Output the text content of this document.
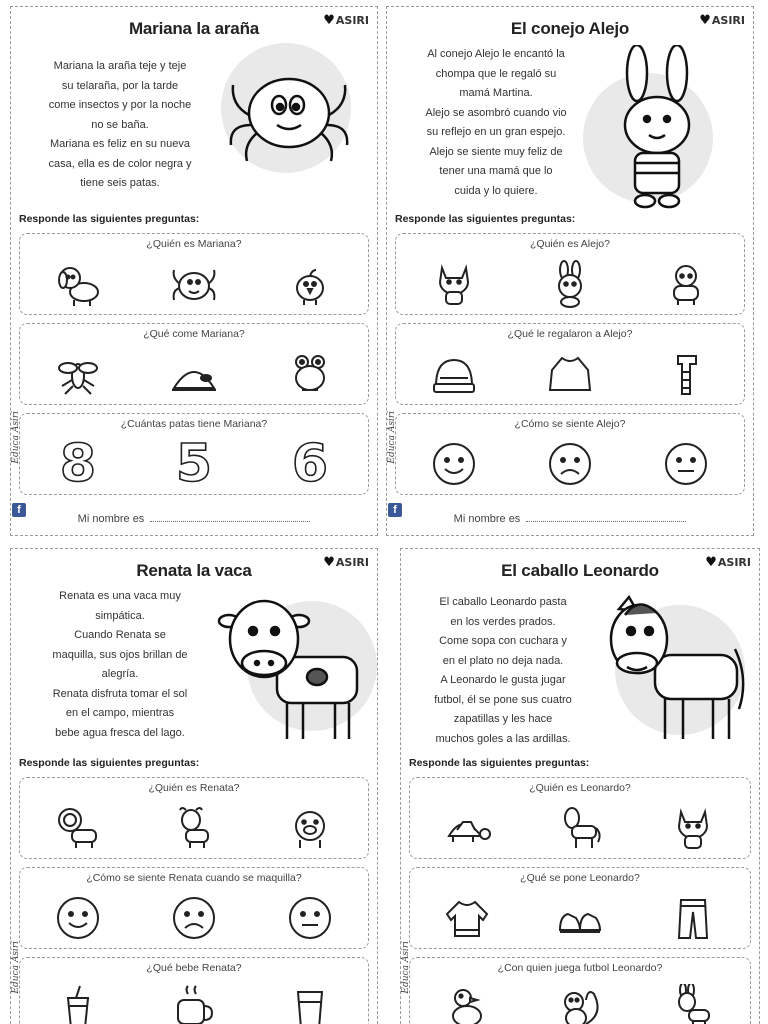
Mariana la araña	♥ASIRI
Mariana la araña teje y teje
su telaraña, por la tarde
come insectos y por la noche
no se baña.
Mariana es feliz en su nueva
casa, ella es de color negra y
tiene seis patas.
Responde las siguientes preguntas:
¿Quién es Mariana?
¿Qué come Mariana?
¿Cuántas patas tiene Mariana?
8 5 6
Mi nombre es
Educa Asiri
f
El conejo Alejo	♥ASIRI
Al conejo Alejo le encantó la
chompa que le regaló su
mamá Martina.
Alejo se asombró cuando vio
su reflejo en un gran espejo.
Alejo se siente muy feliz de
tener una mamá que lo
cuida y lo quiere.
Responde las siguientes preguntas:
¿Quién es Alejo?
¿Qué le regalaron a Alejo?
¿Cómo se siente Alejo?
Mi nombre es
Educa Asiri
f
Renata la vaca	♥ASIRI
Renata es una vaca muy
simpática.
Cuando Renata se
maquilla, sus ojos brillan de
alegría.
Renata disfruta tomar el sol
en el campo, mientras
bebe agua fresca del lago.
Responde las siguientes preguntas:
¿Quién es Renata?
¿Cómo se siente Renata cuando se maquilla?
¿Qué bebe Renata?
Educa Asiri
El caballo Leonardo	♥ASIRI
El caballo Leonardo pasta
en los verdes prados.
Come sopa con cuchara y
en el plato no deja nada.
A Leonardo le gusta jugar
futbol, él se pone sus cuatro
zapatillas y les hace
muchos goles a las ardillas.
Responde las siguientes preguntas:
¿Quién es Leonardo?
¿Qué se pone Leonardo?
¿Con quien juega futbol Leonardo?
Educa Asiri
